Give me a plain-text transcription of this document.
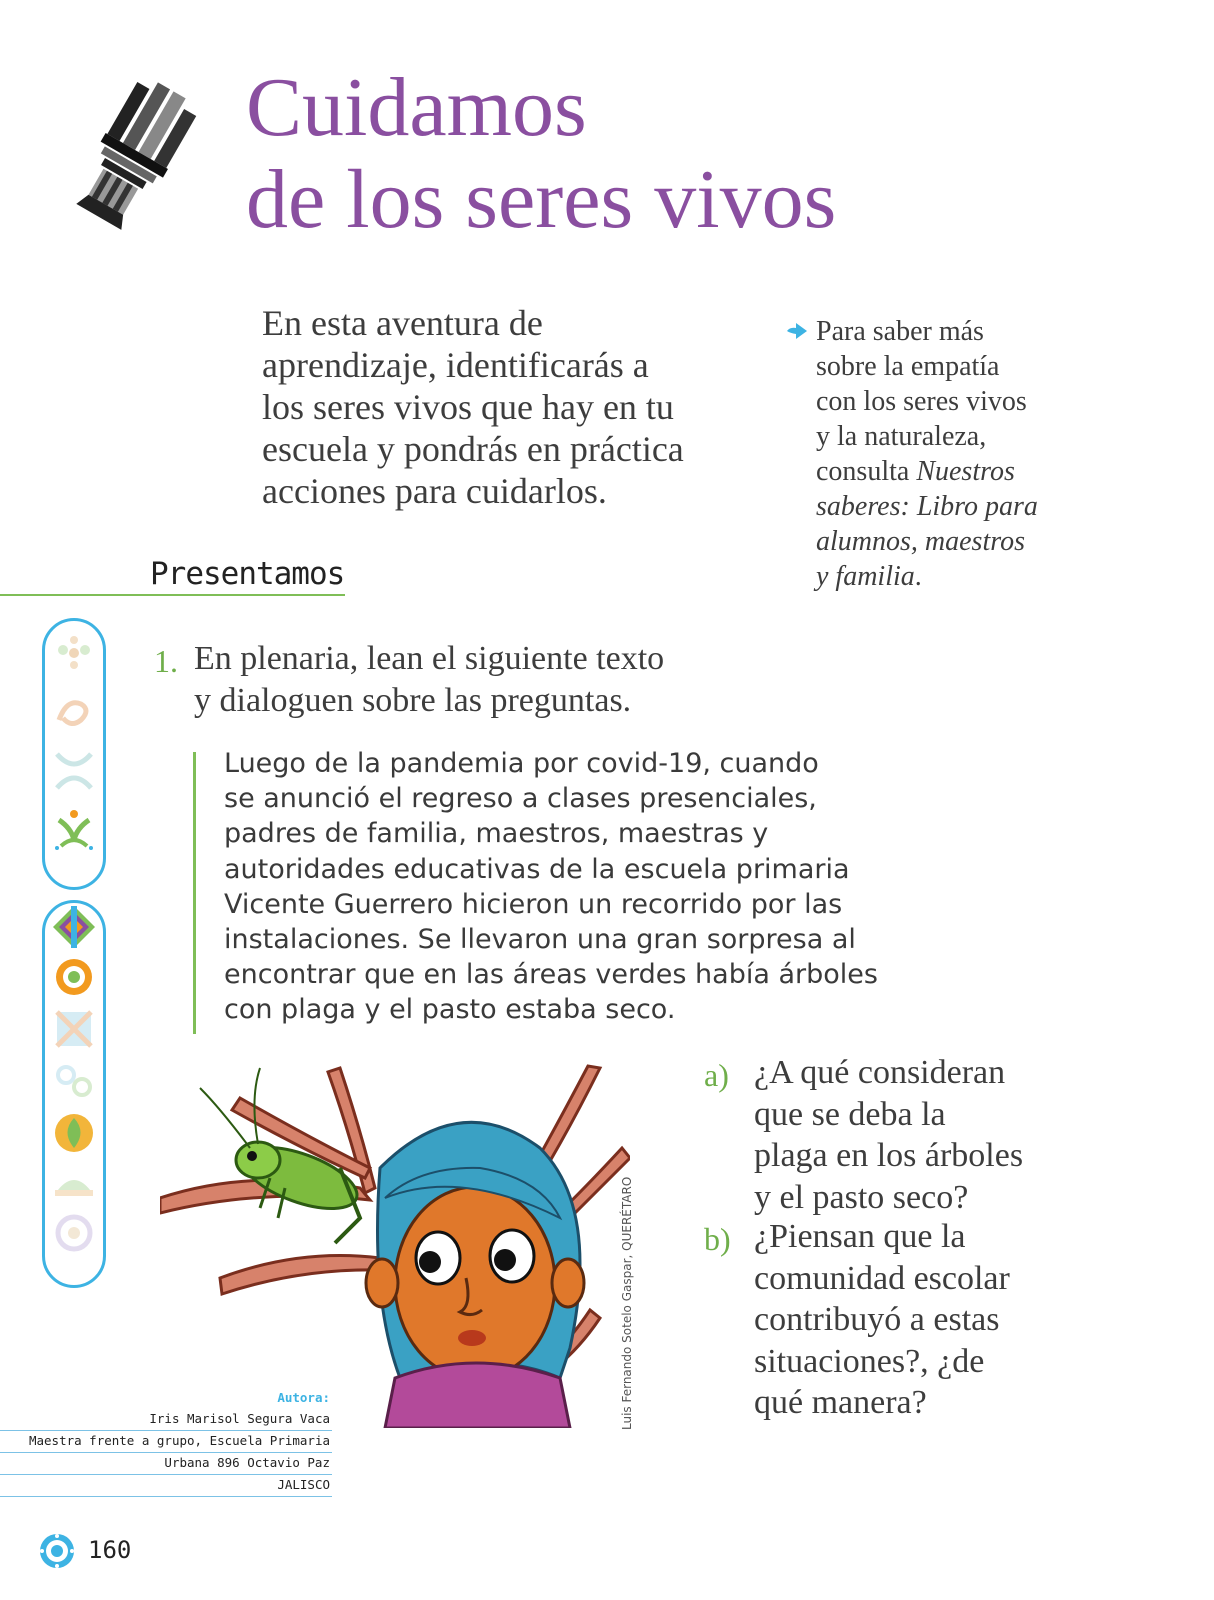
Cuidamos
de los seres vivos
En esta aventura de
aprendizaje, identificarás a
los seres vivos que hay en tu
escuela y pondrás en práctica
acciones para cuidarlos.
Para saber más
sobre la empatía
con los seres vivos
y la naturaleza,
consulta Nuestros
saberes: Libro para
alumnos, maestros
y familia.
Presentamos
1. En plenaria, lean el siguiente texto
y dialoguen sobre las preguntas.
Luego de la pandemia por covid-19, cuando
se anunció el regreso a clases presenciales,
padres de familia, maestros, maestras y
autoridades educativas de la escuela primaria
Vicente Guerrero hicieron un recorrido por las
instalaciones. Se llevaron una gran sorpresa al
encontrar que en las áreas verdes había árboles
con plaga y el pasto estaba seco.
a) ¿A qué consideran
que se deba la
plaga en los árboles
y el pasto seco?
b) ¿Piensan que la
comunidad escolar
contribuyó a estas
situaciones?, ¿de
qué manera?
Luis Fernando Sotelo Gaspar, QUERÉTARO
Autora:
Iris Marisol Segura Vaca
Maestra frente a grupo, Escuela Primaria
Urbana 896 Octavio Paz
JALISCO
160
